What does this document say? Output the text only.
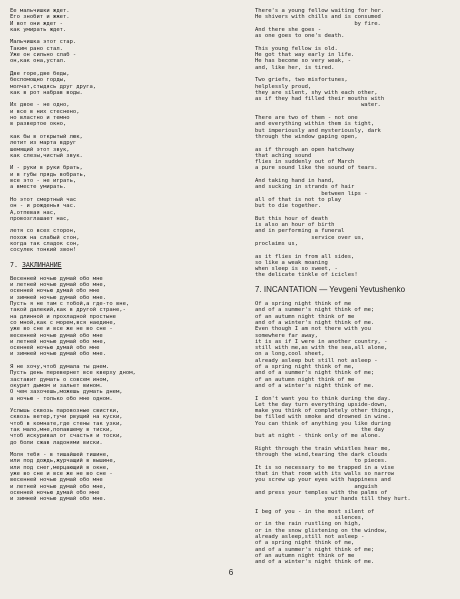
Ее мальчишки ждет.
Его знобит и жжет.
И вот они ждет -
как умирать ждет.
Мальчишка этот стар.
Таким рано стал.
Уже он сильно слаб -
он,как она,устал.
Две горе,две беды,
беспомощно горды,
молчат,стыдясь друг друга,
как в рот набрав воды.
Их двое - не одно,
и все в них стеснено,
но властно и темно
в развертое окно,
как бы в открытый люк,
летит из марта вдруг
шемящий этот звук,
как слезы,чистый звук.
И - руки в руки брать,
и в губы прядь вобрать,
все это - не играть,
а вместе умирать.
Но этот смертный час
он - и рожденья час.
А,отпевая нас,
провозглашает нас,
летя со всех сторон,
похож на слабый стон,
когда так сладок сон,
сосулек тонкий звон!
7. ЗАКЛИНАНИЕ
Весенней ночью думай обо мне
и летней ночью думай обо мне,
осенней ночью думай обо мне
и зимней ночью думай обо мне.
Пусть я не там с тобой,а где-то вне,
такой далекий,как в другой стране,-
на длинной и прохладной простыне
со мной,как с морем,вся наедине,
уже во сне и все же не во сне -
весенней ночью думай обо мне
и летней ночью думай обо мне,
осенней ночью думай обо мне
и зимней ночью думай обо мне.
Я не хочу,чтоб думала ты днем.
Пусть день перевернет все кверху дном,
заставит думать о совсем ином,
окурит дымом и зальет вином.
О чем захочешь,можешь думать днем,
а ночью - только обо мне одном.
Услышь сквозь паровозные свистки,
сквозь ветер,тучи рвущий на куски,
чтоб в комнате,где стены так узки,
так мало,мне,попавшему в тиски,
чтоб искуривал от счастья и тоски,
до боли сжав ладонями виски.
Моля тебя - в тишайшей тишине,
или под дождь,журчащий в вышине,
или под снег,мерцающий в окне,
уже во сне и все же не во сне -
весенней ночью думай обо мне
и летней ночью думай обо мне,
осенней ночью думай обо мне
и зимней ночью думай обо мне.
There's a young fellow waiting for her.
He shivers with chills and is consumed
by fire.
And there she goes -
as one goes to one's death.
This young fellow is old.
He got that way early in life.
He has become so very weak, -
and, like her, is tired.
Two griefs, two misfortunes,
helplessly proud,
they are silent, shy with each other,
as if they had filled their mouths with
water.
There are two of them - not one
and everything within them is tight,
but imperiously and mysteriously, dark
through the window gaping open,
as if through an open hatchway
that aching sound
flies in suddenly out of March
a pure sound like the sound of tears.
And taking hand in hand,
and sucking in strands of hair
between lips -
all of that is not to play
but to die together.
But this hour of death
is also an hour of birth
and in performing a funeral
service over us,
proclaims us,
as it flies in from all sides,
so like a weak moaning
when sleep is so sweet, -
the delicate tinkle of icicles!
7. INCANTATION — Yevgeni Yevtushenko
Of a spring night think of me
and of a summer's night think of me;
of an autumn night think of me
and of a winter's night think of me.
Even though I am not there with you
somewhere far away,
it is as if I were in another country, -
still with me,as with the sea,all alone,
on a long,cool sheet,
already asleep but still not asleep -
of a spring night think of me,
and of a summer's night think of me;
of an autumn night think of me
and of a winter's night think of me.
I don't want you to think during the day.
Let the day turn everything upside-down,
make you think of completely other things,
be filled with smoke and drowned in wine.
You can think of anything you like during
the day
but at night - think only of me alone.
Right through the train whistles hear me,
through the wind,tearing the dark clouds
to pieces.
It is so necessary to me trapped in a vise
that in that room with its walls so narrow
you screw up your eyes with happiness and
anguish
and press your temples with the palms of
your hands till they hurt.
I beg of you - in the most silent of
silences,
or in the rain rustling on high,
or in the snow glistening on the window,
already asleep,still not asleep -
of a spring night think of me,
and of a summer's night think of me;
of an autumn night think of me
and of a winter's night think of me.
6
